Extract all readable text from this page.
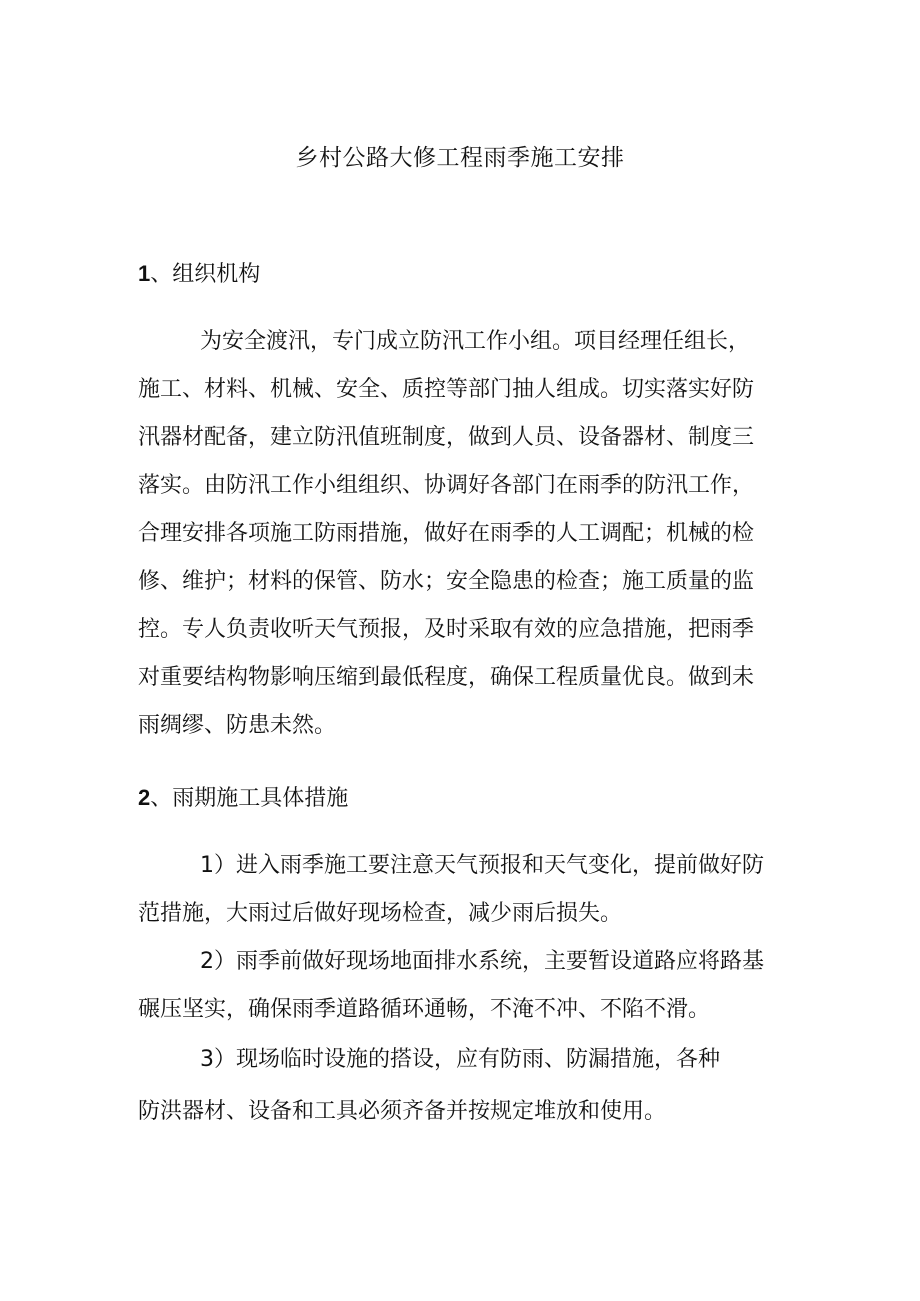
乡村公路大修工程雨季施工安排
1、组织机构
为安全渡汛，专门成立防汛工作小组。项目经理任组长，
施工、材料、机械、安全、质控等部门抽人组成。切实落实好防
汛器材配备，建立防汛值班制度，做到人员、设备器材、制度三
落实。由防汛工作小组组织、协调好各部门在雨季的防汛工作，
合理安排各项施工防雨措施，做好在雨季的人工调配；机械的检
修、维护；材料的保管、防水；安全隐患的检查；施工质量的监
控。专人负责收听天气预报，及时采取有效的应急措施，把雨季
对重要结构物影响压缩到最低程度，确保工程质量优良。做到未
雨绸缪、防患未然。
2、雨期施工具体措施
1）进入雨季施工要注意天气预报和天气变化，提前做好防
范措施，大雨过后做好现场检查，减少雨后损失。
2）雨季前做好现场地面排水系统，主要暂设道路应将路基
碾压坚实，确保雨季道路循环通畅，不淹不冲、不陷不滑。
3）现场临时设施的搭设，应有防雨、防漏措施，各种
防洪器材、设备和工具必须齐备并按规定堆放和使用。
